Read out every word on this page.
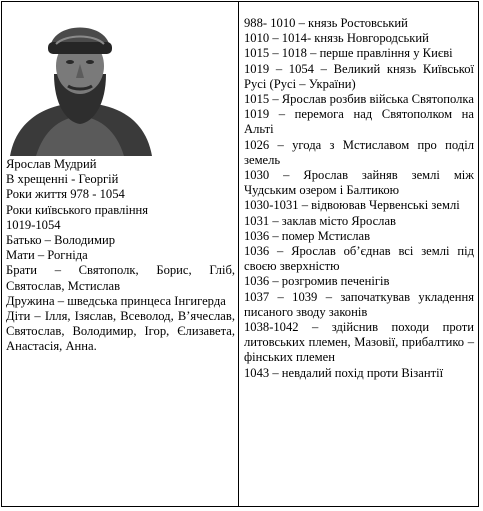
Ярослав Мудрий
В хрещенні - Георгій
Роки життя 978 - 1054
Роки київського правління
1019-1054
Батько – Володимир
Мати – Рогніда
Брати – Святополк, Борис, Гліб, Святослав, Мстислав
Дружина – шведська принцеса Інгигерда
Діти – Ілля, Ізяслав, Всеволод, В’ячеслав, Святослав, Володимир, Ігор, Єлизавета, Анастасія, Анна.
988- 1010 – князь Ростовський
1010 – 1014- князь Новгородський
1015 – 1018 – перше правління у Києві
1019 – 1054 – Великий князь Київської Русі (Русі – України)
1015 – Ярослав розбив війська Святополка
1019 – перемога над Святополком на Альті
1026 – угода з Мстиславом про поділ земель
1030 – Ярослав зайняв землі між Чудським озером і Балтикою
1030-1031 – відвоював Червенські землі
1031 – заклав місто Ярослав
1036 – помер Мстислав
1036 – Ярослав об’єднав всі землі під своєю зверхністю
1036 – розгромив печенігів
1037 – 1039 – започаткував укладення писаного зводу законів
1038-1042 – здійснив походи проти литовських племен, Мазовії, прибалтико – фінських племен
1043 – невдалий похід проти Візантії
